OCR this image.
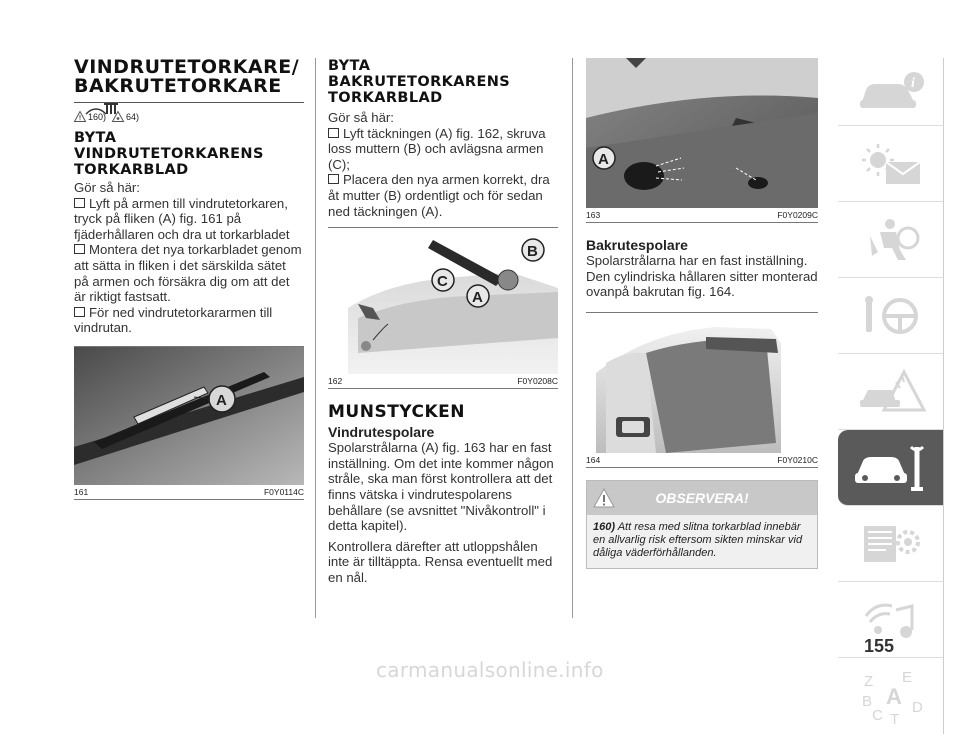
VINDRUTETORKARE/ BAKRUTETORKARE
160) 64)
BYTA VINDRUTETORKARENS TORKARBLAD

Gör så här:

Lyft på armen till vindrutetorkaren, tryck på fliken (A) fig. 161 på fjäderhållaren och dra ut torkarbladet

Montera det nya torkarbladet genom att sätta in fliken i det särskilda sätet på armen och försäkra dig om att det är riktigt fastsatt.

För ned vindrutetorkararmen till vindrutan.

A
161	F0Y0114C
BYTA BAKRUTETORKARENS TORKARBLAD

Gör så här:

Lyft täckningen (A) fig. 162, skruva loss muttern (B) och avlägsna armen (C);

Placera den nya armen korrekt, dra åt mutter (B) ordentligt och för sedan ned täckningen (A).

B
C
A
162	F0Y0208C
MUNSTYCKEN
Vindrutespolare

Spolarstrålarna (A) fig. 163 har en fast inställning. Om det inte kommer någon stråle, ska man först kontrollera att det finns vätska i vindrutespolarens behållare (se avsnittet "Nivåkontroll" i detta kapitel).

Kontrollera därefter att utloppshålen inte är tilltäppta. Rensa eventuellt med en nål.

A
163	F0Y0209C
Bakrutespolare

Spolarstrålarna har en fast inställning. Den cylindriska hållaren sitter monterad ovanpå bakrutan fig. 164.

164	F0Y0210C
OBSERVERA!
160) Att resa med slitna torkarblad innebär en allvarlig risk eftersom sikten minskar vid dåliga väderförhållanden.
i
Z E
B A
C T
D
155
carmanualsonline.info
